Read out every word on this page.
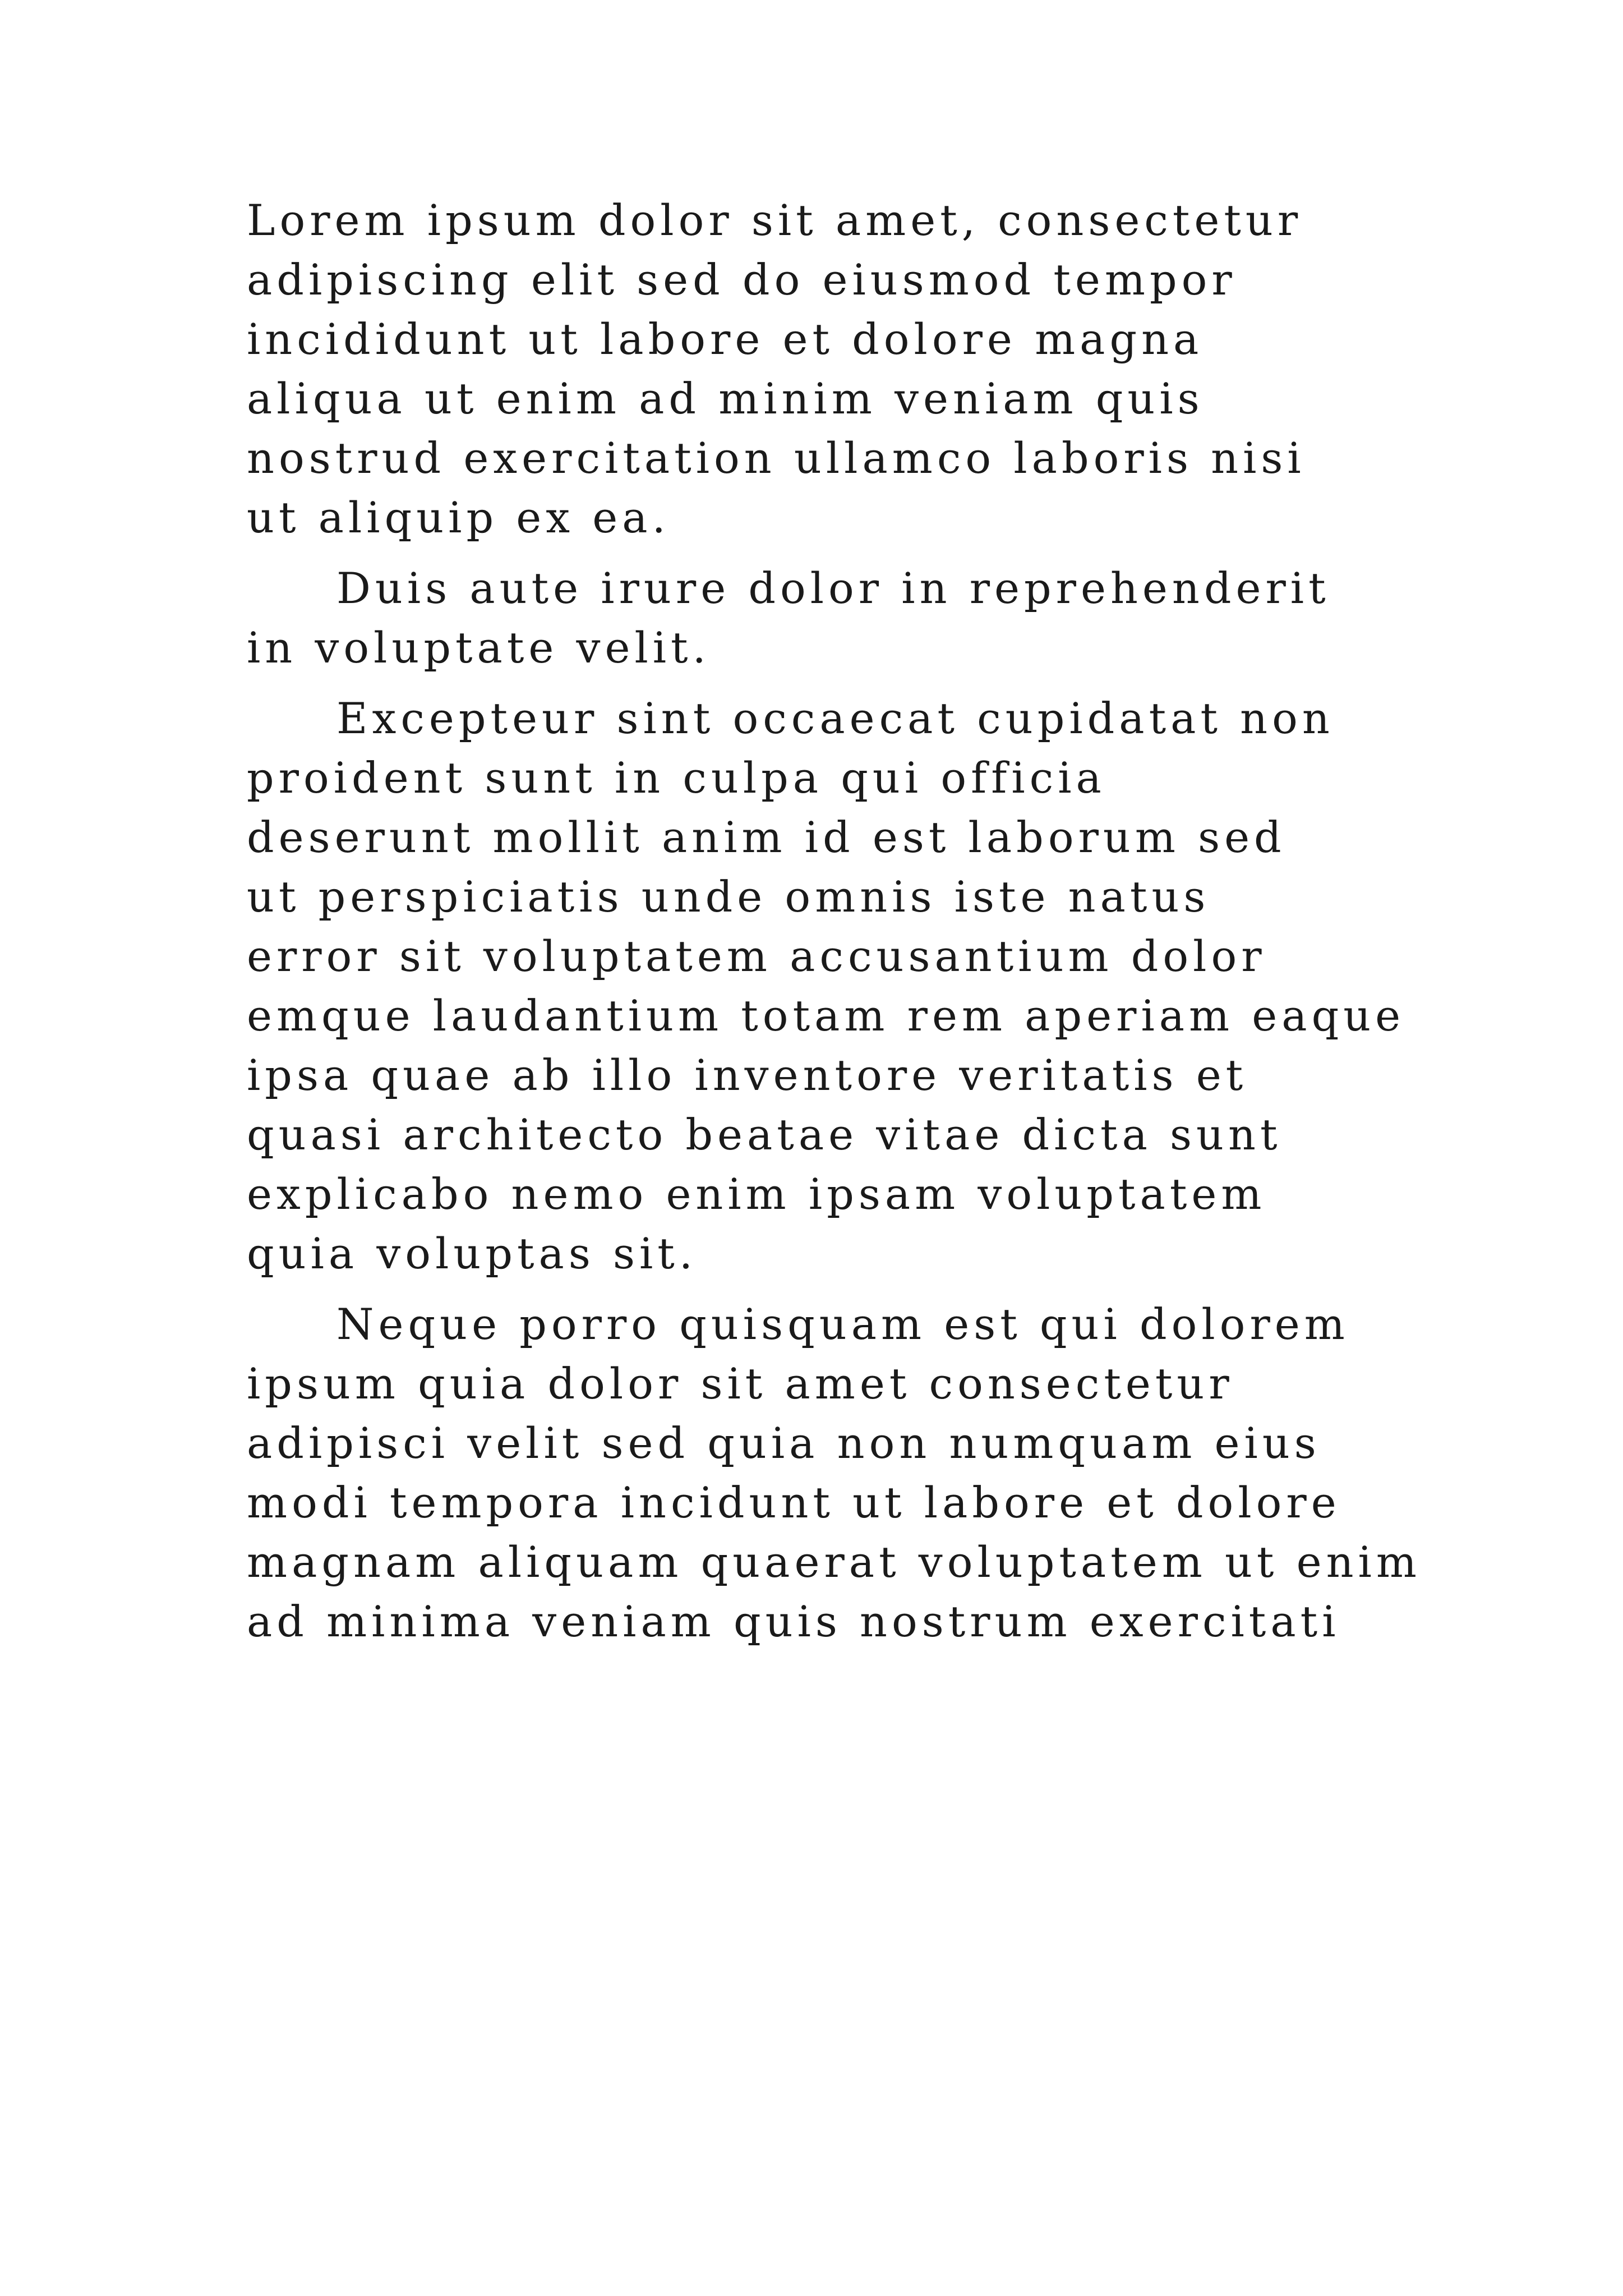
Lorem ipsum dolor sit amet, consectetur
adipiscing elit sed do eiusmod tempor
incididunt ut labore et dolore magna
aliqua ut enim ad minim veniam quis
nostrud exercitation ullamco laboris nisi
ut aliquip ex ea.
Duis aute irure dolor in reprehenderit
in voluptate velit.
Excepteur sint occaecat cupidatat non
proident sunt in culpa qui officia
deserunt mollit anim id est laborum sed
ut perspiciatis unde omnis iste natus
error sit voluptatem accusantium dolor
emque laudantium totam rem aperiam eaque
ipsa quae ab illo inventore veritatis et
quasi architecto beatae vitae dicta sunt
explicabo nemo enim ipsam voluptatem
quia voluptas sit.
Neque porro quisquam est qui dolorem
ipsum quia dolor sit amet consectetur
adipisci velit sed quia non numquam eius
modi tempora incidunt ut labore et dolore
magnam aliquam quaerat voluptatem ut enim
ad minima veniam quis nostrum exercitati
